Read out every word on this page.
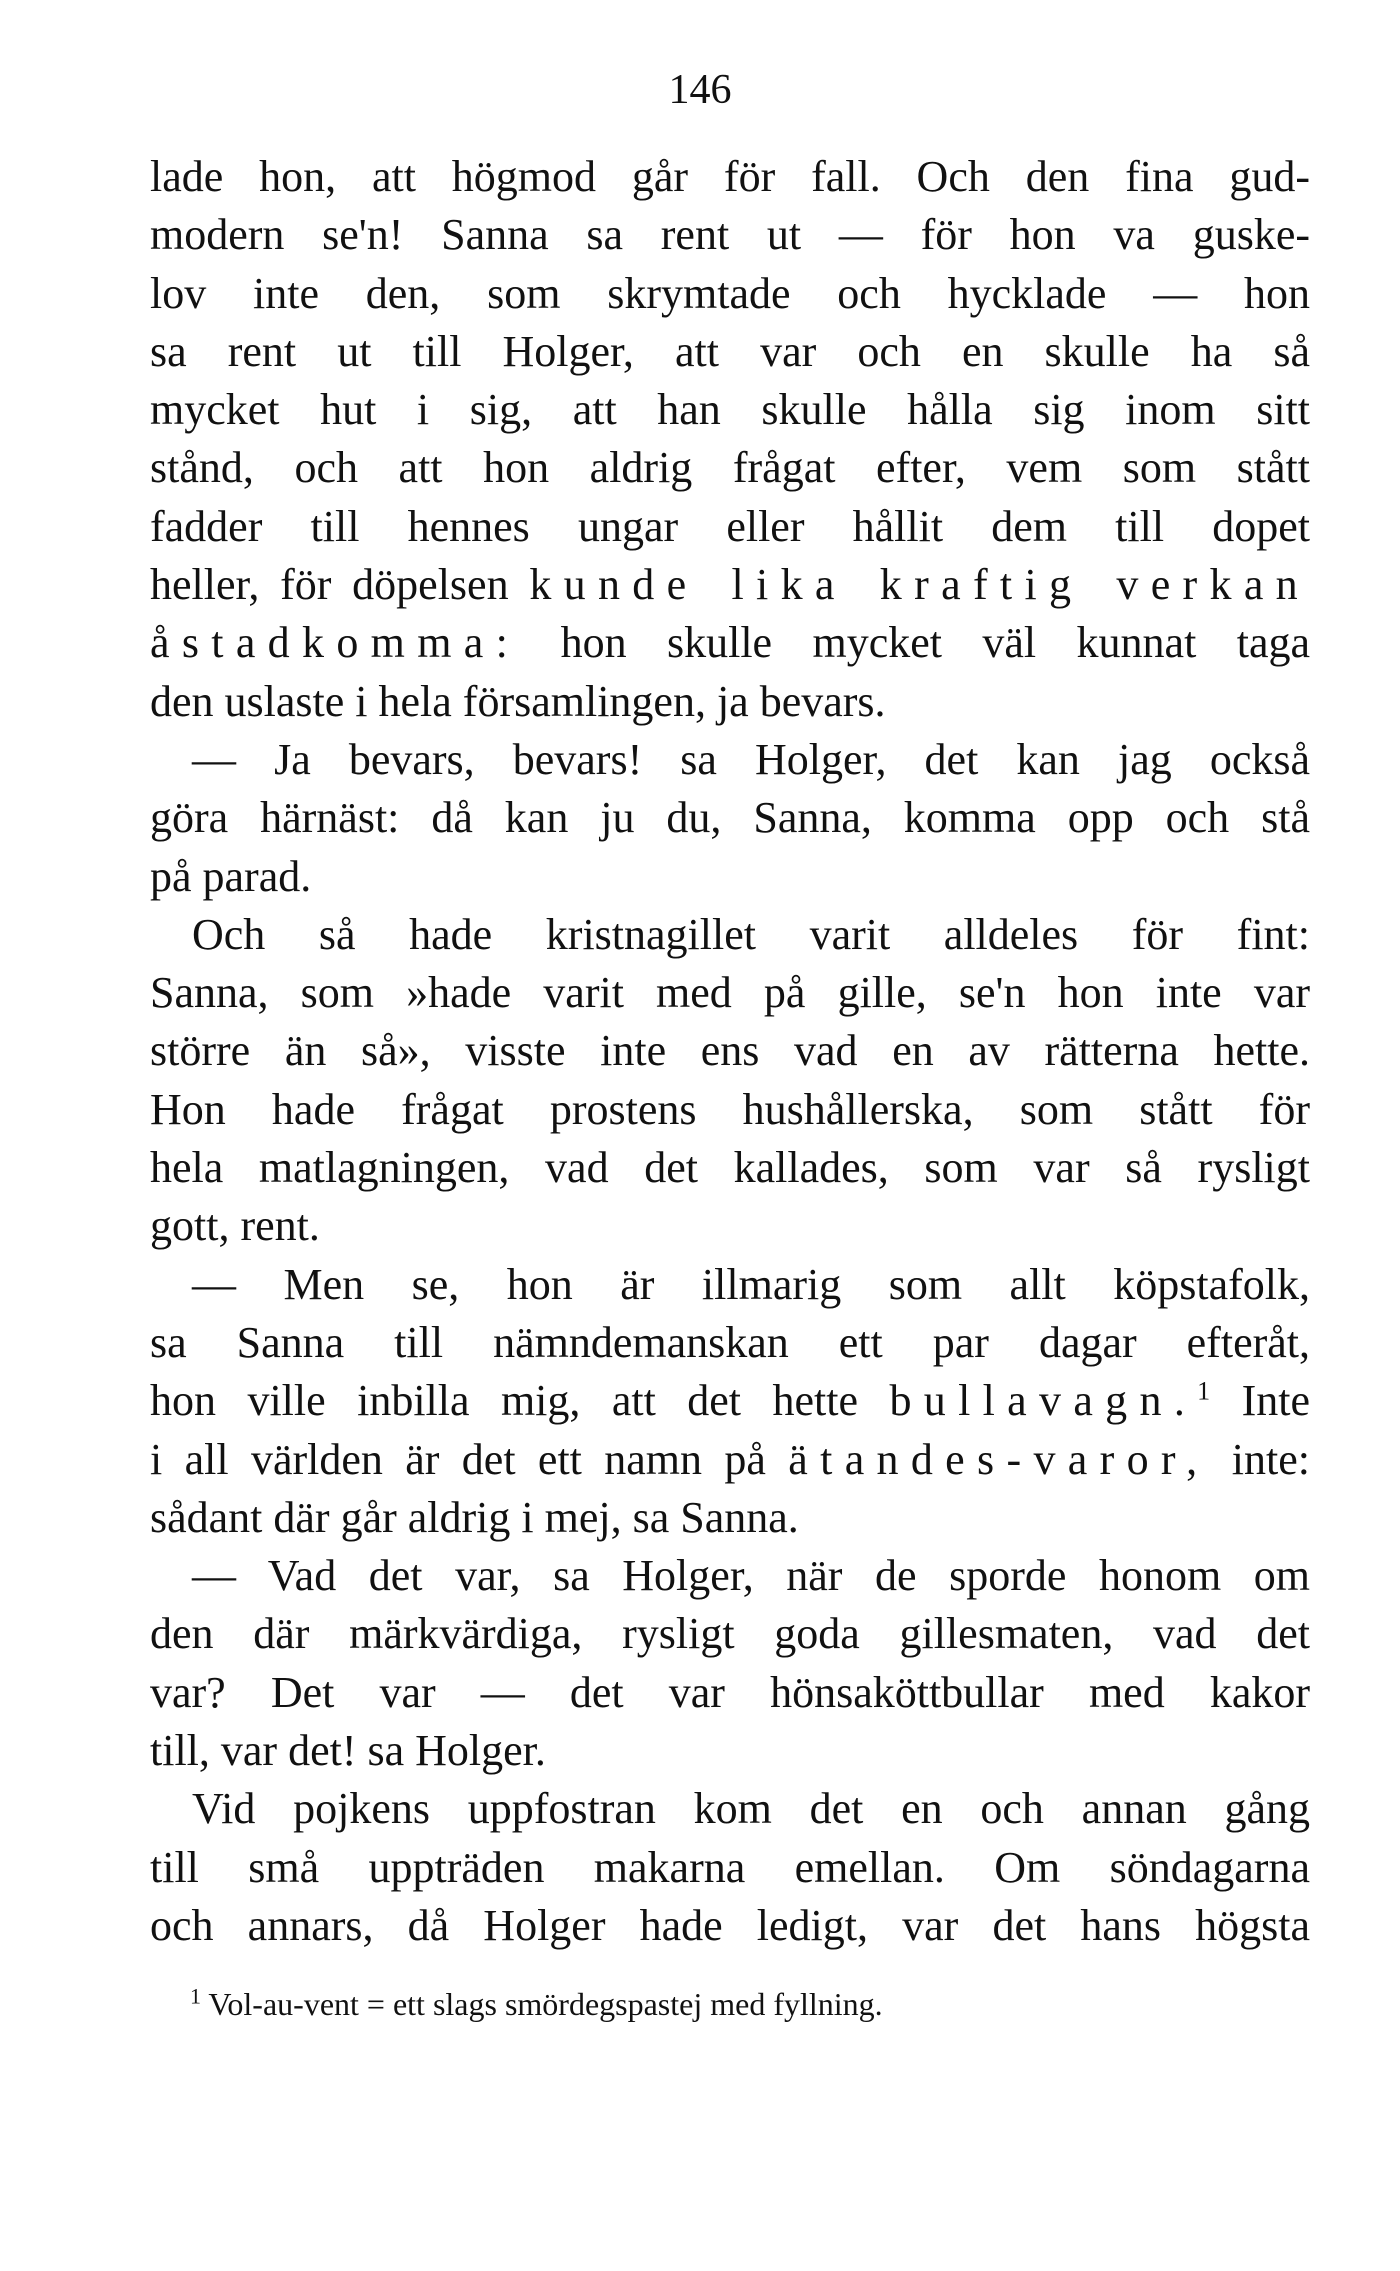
146
lade hon, att högmod går för fall. Och den fina gud-
modern se'n! Sanna sa rent ut — för hon va guske-
lov inte den, som skrymtade och hycklade — hon
sa rent ut till Holger, att var och en skulle ha så
mycket hut i sig, att han skulle hålla sig inom sitt
stånd, och att hon aldrig frågat efter, vem som stått
fadder till hennes ungar eller hållit dem till dopet
heller, för döpelsen kunde lika kraftig verkan
åstadkomma: hon skulle mycket väl kunnat taga
den uslaste i hela församlingen, ja bevars.
— Ja bevars, bevars! sa Holger, det kan jag också
göra härnäst: då kan ju du, Sanna, komma opp och stå
på parad.
Och så hade kristnagillet varit alldeles för fint:
Sanna, som »hade varit med på gille, se'n hon inte var
större än så», visste inte ens vad en av rätterna hette.
Hon hade frågat prostens hushållerska, som stått för
hela matlagningen, vad det kallades, som var så rysligt
gott, rent.
— Men se, hon är illmarig som allt köpstafolk,
sa Sanna till nämndemanskan ett par dagar efteråt,
hon ville inbilla mig, att det hette bullavagn.$^1$ Inte
i all världen är det ett namn på ätandes-varor, inte:
sådant där går aldrig i mej, sa Sanna.
— Vad det var, sa Holger, när de sporde honom om
den där märkvärdiga, rysligt goda gillesmaten, vad det
var? Det var — det var hönsaköttbullar med kakor
till, var det! sa Holger.
Vid pojkens uppfostran kom det en och annan gång
till små uppträden makarna emellan. Om söndagarna
och annars, då Holger hade ledigt, var det hans högsta
$^1$ Vol-au-vent = ett slags smördegspastej med fyllning.
